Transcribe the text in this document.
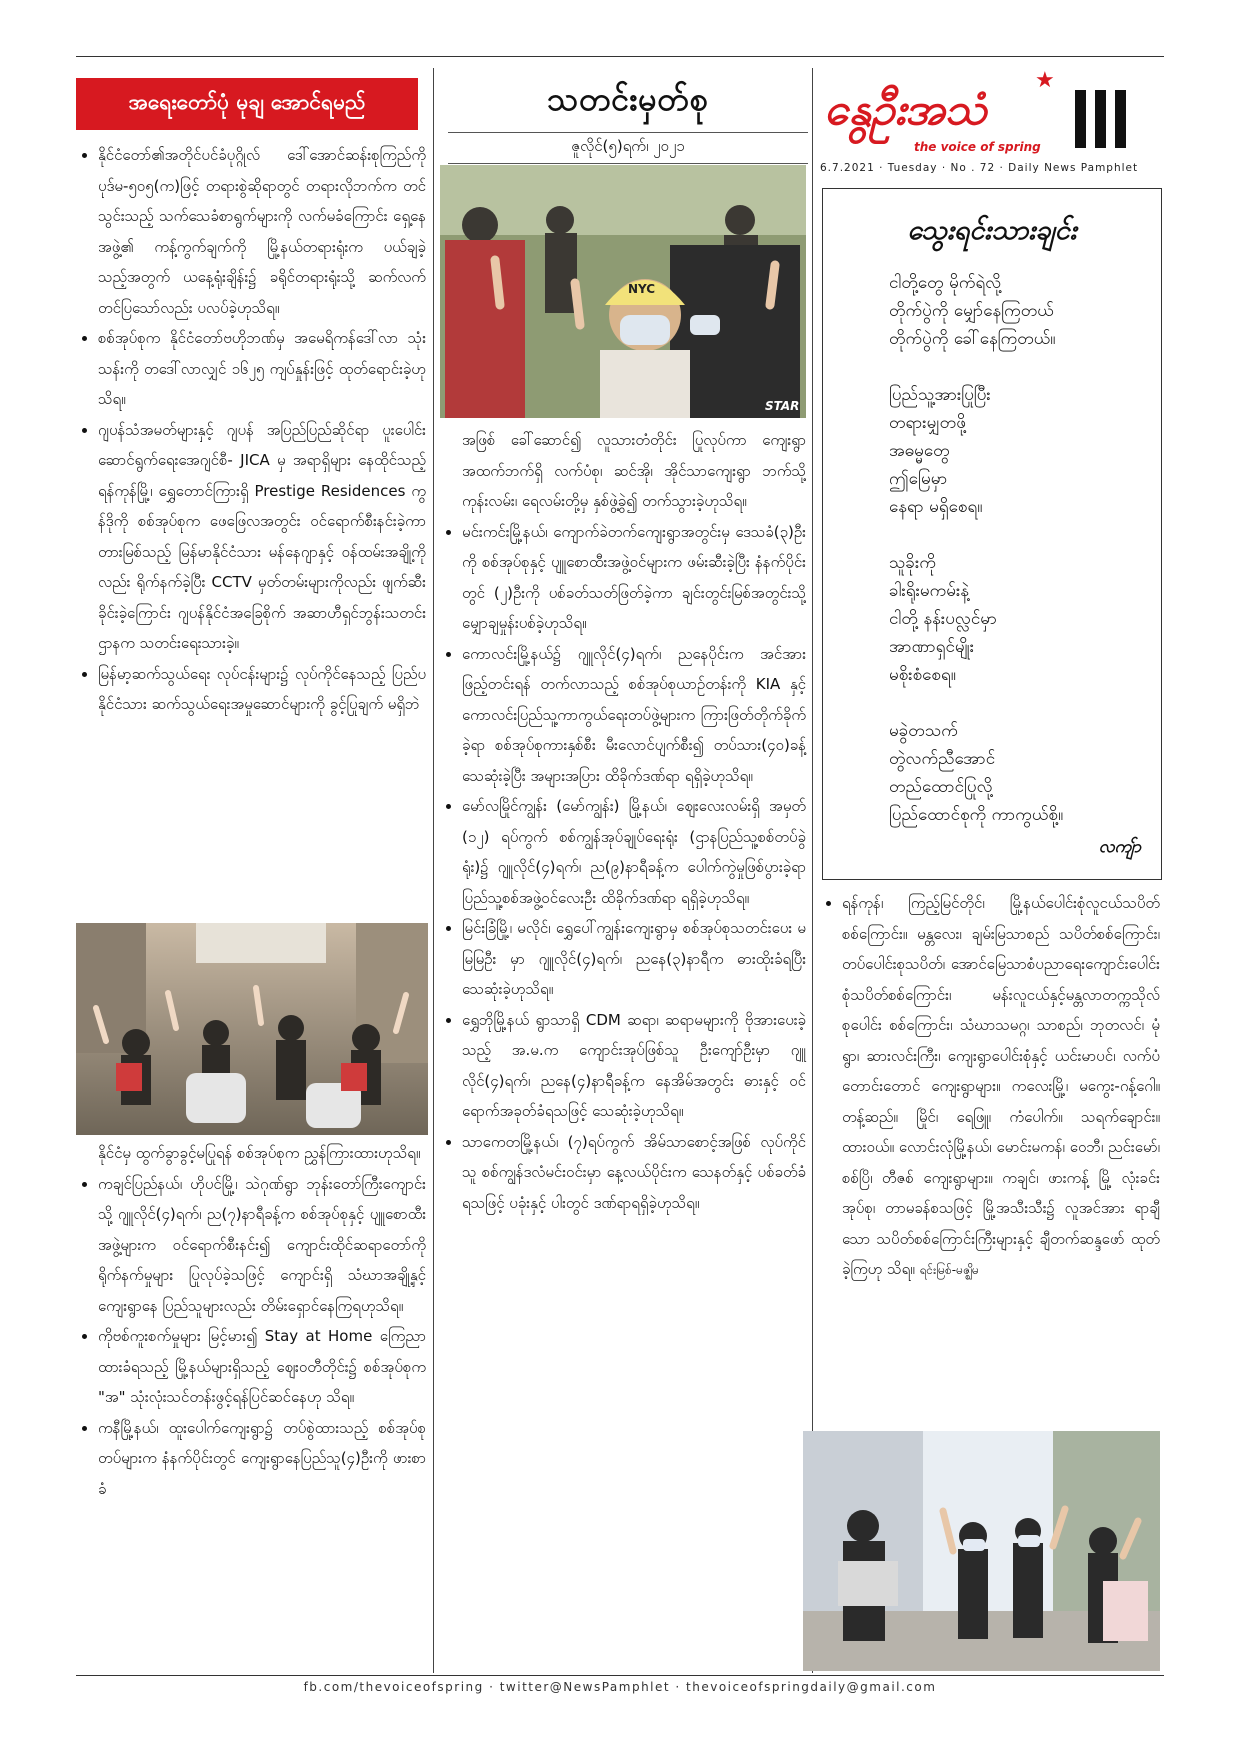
အရေးတော်ပုံ မုချ အောင်ရမည်
• နိုင်ငံတော်၏အတိုင်ပင်ခံပုဂ္ဂိုလ် ဒေါ်အောင်ဆန်းစုကြည်ကို ပုဒ်မ-၅၀၅(က)ဖြင့် တရားစွဲဆိုရာတွင် တရားလိုဘက်က တင်သွင်းသည့် သက်သေခံစာရွက်များကို လက်မခံကြောင်း ရှေ့နေအဖွဲ့၏ ကန့်ကွက်ချက်ကို မြို့နယ်တရားရုံးက ပယ်ချခဲ့သည့်အတွက် ယနေ့ရုံးချိန်း၌ ခရိုင်တရားရုံးသို့ ဆက်လက်တင်ပြသော်လည်း ပလပ်ခဲ့ဟုသိရ။
• စစ်အုပ်စုက နိုင်ငံတော်ဗဟိုဘဏ်မှ အမေရိကန်ဒေါ်လာ သုံးသန်းကို တဒေါ်လာလျှင် ၁၆၂၅ ကျပ်နှုန်းဖြင့် ထုတ်ရောင်းခဲ့ဟုသိရ။
• ဂျပန်သံအမတ်များနှင့် ဂျပန် အပြည်ပြည်ဆိုင်ရာ ပူးပေါင်း ဆောင်ရွက်ရေးအေဂျင်စီ- JICA မှ အရာရှိများ နေထိုင်သည့် ရန်ကုန်မြို့၊ ရွှေတောင်ကြားရှိ Prestige Residences ကွန်ဒိုကို စစ်အုပ်စုက ဖေဖြေလအတွင်း ဝင်ရောက်စီးနင်းခဲ့ကာ တားမြစ်သည့် မြန်မာနိုင်ငံသား မန်နေဂျာနှင့် ဝန်ထမ်းအချို့ကိုလည်း ရိုက်နက်ခဲ့ပြီး CCTV မှတ်တမ်းများကိုလည်း ဖျက်ဆီးခိုင်းခဲ့ကြောင်း ဂျပန်နိုင်ငံအခြေစိုက် အဆာဟီရှင်ဘွန်းသတင်းဌာနက သတင်းရေးသားခဲ့။
• မြန်မာ့ဆက်သွယ်ရေး လုပ်ငန်းများ၌ လုပ်ကိုင်နေသည့် ပြည်ပနိုင်ငံသား ဆက်သွယ်ရေးအမှုဆောင်များကို ခွင့်ပြုချက် မရှိဘဲ

နိုင်ငံမှ ထွက်ခွာခွင့်မပြုရန် စစ်အုပ်စုက ညွှန်ကြားထားဟုသိရ။

• ကချင်ပြည်နယ်၊ ဟိုပင်မြို့၊ သဲဂုဏ်ရွာ ဘုန်းတော်ကြီးကျောင်းသို့ ဂျူလိုင်(၄)ရက်၊ ည(၇)နာရီခန့်က စစ်အုပ်စုနှင့် ပျူစောထီးအဖွဲ့များက ဝင်ရောက်စီးနင်း၍ ကျောင်းထိုင်ဆရာတော်ကို ရိုက်နက်မှုများ ပြုလုပ်ခဲ့သဖြင့် ကျောင်းရှိ သံဃာအချို့နှင့် ကျေးရွာနေ ပြည်သူများလည်း တိမ်းရှောင်နေကြရဟုသိရ။
• ကိုဗစ်ကူးစက်မှုများ မြင့်မား၍ Stay at Home ကြေညာထားခံရသည့် မြို့နယ်များရှိသည့် ဈေးဝတီတိုင်း၌ စစ်အုပ်စုက "အ" သုံးလုံးသင်တန်းဖွင့်ရန်ပြင်ဆင်နေဟု သိရ။
• ကနီမြို့နယ်၊ ထူးပေါက်ကျေးရွာ၌ တပ်စွဲထားသည့် စစ်အုပ်စုတပ်များက နံနက်ပိုင်းတွင် ကျေးရွာနေပြည်သူ(၄)ဦးကို ဖားစာခံ
သတင်းမှတ်စု
ဇူလိုင်(၅)ရက်၊ ၂၀၂၁
NYC
STAR

အဖြစ် ခေါ်ဆောင်၍ လူသားတံတိုင်း ပြုလုပ်ကာ ကျေးရွာအထက်ဘက်ရှိ လက်ပံစု၊ ဆင်အို၊ အိုင်သာကျေးရွာ ဘက်သို့ ကုန်းလမ်း၊ ရေလမ်းတို့မှ နှစ်ဖွဲ့ခွဲ၍ တက်သွားခဲ့ဟုသိရ။

• မင်းကင်းမြို့နယ်၊ ကျောက်ခဲတက်ကျေးရွာအတွင်းမှ ဒေသခံ(၃)ဦးကို စစ်အုပ်စုနှင့် ပျူစောထီးအဖွဲ့ဝင်များက ဖမ်းဆီးခဲ့ပြီး နံနက်ပိုင်းတွင် (၂)ဦးကို ပစ်ခတ်သတ်ဖြတ်ခဲ့ကာ ချင်းတွင်းမြစ်အတွင်းသို့ မျှောချမှုန်းပစ်ခဲ့ဟုသိရ။
• ကောလင်းမြို့နယ်၌ ဂျူလိုင်(၄)ရက်၊ ညနေပိုင်းက အင်အားဖြည့်တင်းရန် တက်လာသည့် စစ်အုပ်စုယာဉ်တန်းကို KIA နှင့် ကောလင်းပြည်သူ့ကာကွယ်ရေးတပ်ဖွဲ့များက ကြားဖြတ်တိုက်ခိုက်ခဲ့ရာ စစ်အုပ်စုကားနှစ်စီး မီးလောင်ပျက်စီး၍ တပ်သား(၄၀)ခန့်သေဆုံးခဲ့ပြီး အများအပြား ထိခိုက်ဒဏ်ရာ ရရှိခဲ့ဟုသိရ။
• မော်လမြိုင်ကျွန်း (မော်ကျွန်း) မြို့နယ်၊ ဈေးလေးလမ်းရှိ အမှတ် (၁၂) ရပ်ကွက် စစ်ကျွန်အုပ်ချုပ်ရေးရုံး (ဌာနပြည်သူ့စစ်တပ်ခွဲရုံး)၌ ဂျူလိုင်(၄)ရက်၊ ည(၉)နာရီခန့်က ပေါက်ကွဲမှုဖြစ်ပွားခဲ့ရာ ပြည်သူ့စစ်အဖွဲ့ဝင်လေးဦး ထိခိုက်ဒဏ်ရာ ရရှိခဲ့ဟုသိရ။
• မြင်းခြံမြို့၊ မလိုင်၊ ရွှေပေါ်ကျွန်းကျေးရွာမှ စစ်အုပ်စုသတင်းပေး မမြမြဦး မှာ ဂျူလိုင်(၄)ရက်၊ ညနေ(၃)နာရီက ဓားထိုးခံရပြီး သေဆုံးခဲ့ဟုသိရ။
• ရွှေဘိုမြို့နယ် ရွာသာရှိ CDM ဆရာ၊ ဆရာမများကို ဗိုအားပေးခဲ့သည့် အ.မ.က ကျောင်းအုပ်ဖြစ်သူ ဦးကျော်ဦးမှာ ဂျူလိုင်(၄)ရက်၊ ညနေ(၄)နာရီခန့်က နေအိမ်အတွင်း ဓားနှင့် ဝင်ရောက်အခုတ်ခံရသဖြင့် သေဆုံးခဲ့ဟုသိရ။
• သာကေတမြို့နယ်၊ (၇)ရပ်ကွက် အိမ်သာစောင့်အဖြစ် လုပ်ကိုင်သူ စစ်ကျွန်ဒလံမင်းဝင်းမှာ နေ့လယ်ပိုင်းက သေနတ်နှင့် ပစ်ခတ်ခံရသဖြင့် ပခုံးနှင့် ပါးတွင် ဒဏ်ရာရရှိခဲ့ဟုသိရ။
နွေဦးအသံ
★
the voice of spring
6.7.2021 · Tuesday · No . 72 · Daily News Pamphlet
သွေးရင်းသားချင်း

ငါတို့တွေ မိုက်ရဲလို့
တိုက်ပွဲကို မျှော်နေကြတယ်
တိုက်ပွဲကို ခေါ်နေကြတယ်။

ပြည်သူ့အားပြုပြီး
တရားမျှတဖို့
အဓမ္မတွေ
ဤမြေမှာ
နေရာ မရှိစေရ။

သူခိုးကို
ခါးရိုးမကမ်းနဲ့
ငါတို့ နန်းပလ္လင်မှာ
အာဏာရှင်မျိုး
မစိုးစံစေရ။

မခွဲတသက်
တွဲလက်ညီအောင်
တည်ထောင်ပြုလို့
ပြည်ထောင်စုကို ကာကွယ်စို့။

လကျ်ာ
• ရန်ကုန်၊ ကြည့်မြင်တိုင်၊ မြို့နယ်ပေါင်းစုံလူငယ်သပိတ်စစ်ကြောင်း။ မန္တလေး၊ ချမ်းမြသာစည် သပိတ်စစ်ကြောင်း၊ တပ်ပေါင်းစုသပိတ်၊ အောင်မြေသာစံပညာရေးကျောင်းပေါင်းစုံသပိတ်စစ်ကြောင်း၊ မန်းလူငယ်နှင့်မန္တလာတက္ကသိုလ် စုပေါင်း စစ်ကြောင်း၊ သံဃာသမဂ္ဂ၊ သာစည်၊ ဘုတလင်၊ မုံရွာ၊ ဆားလင်းကြီး၊ ကျေးရွာပေါင်းစုံနှင့် ယင်းမာပင်၊ လက်ပံတောင်းတောင် ကျေးရွာများ။ ကလေးမြို့၊ မကွေး-ဂန့်ဂေါ။ တန့်ဆည်။ မြိုင်၊ ရေဖြူ၊ ကံပေါက်။ သရက်ချောင်း။ ထားဝယ်။ လောင်းလုံမြို့နယ်၊ မောင်းမကန်၊ ဝေဘီ၊ ညင်းမော်၊ စစ်ပြိ၊ တီဇစ် ကျေးရွာများ။ ကချင်၊ ဖားကန့် မြို့ လုံးခင်းအုပ်စု၊ တာမခန်စသဖြင့် မြို့အသီးသီး၌ လူအင်အား ရာချီသော သပိတ်စစ်ကြောင်းကြီးများနှင့် ချီတက်ဆန္ဒဖော် ထုတ်ခဲ့ကြဟု သိရ။ ရင်းမြစ်-မဇ္ဈိမ
fb.com/thevoiceofspring · twitter@NewsPamphlet · thevoiceofspringdaily@gmail.com
